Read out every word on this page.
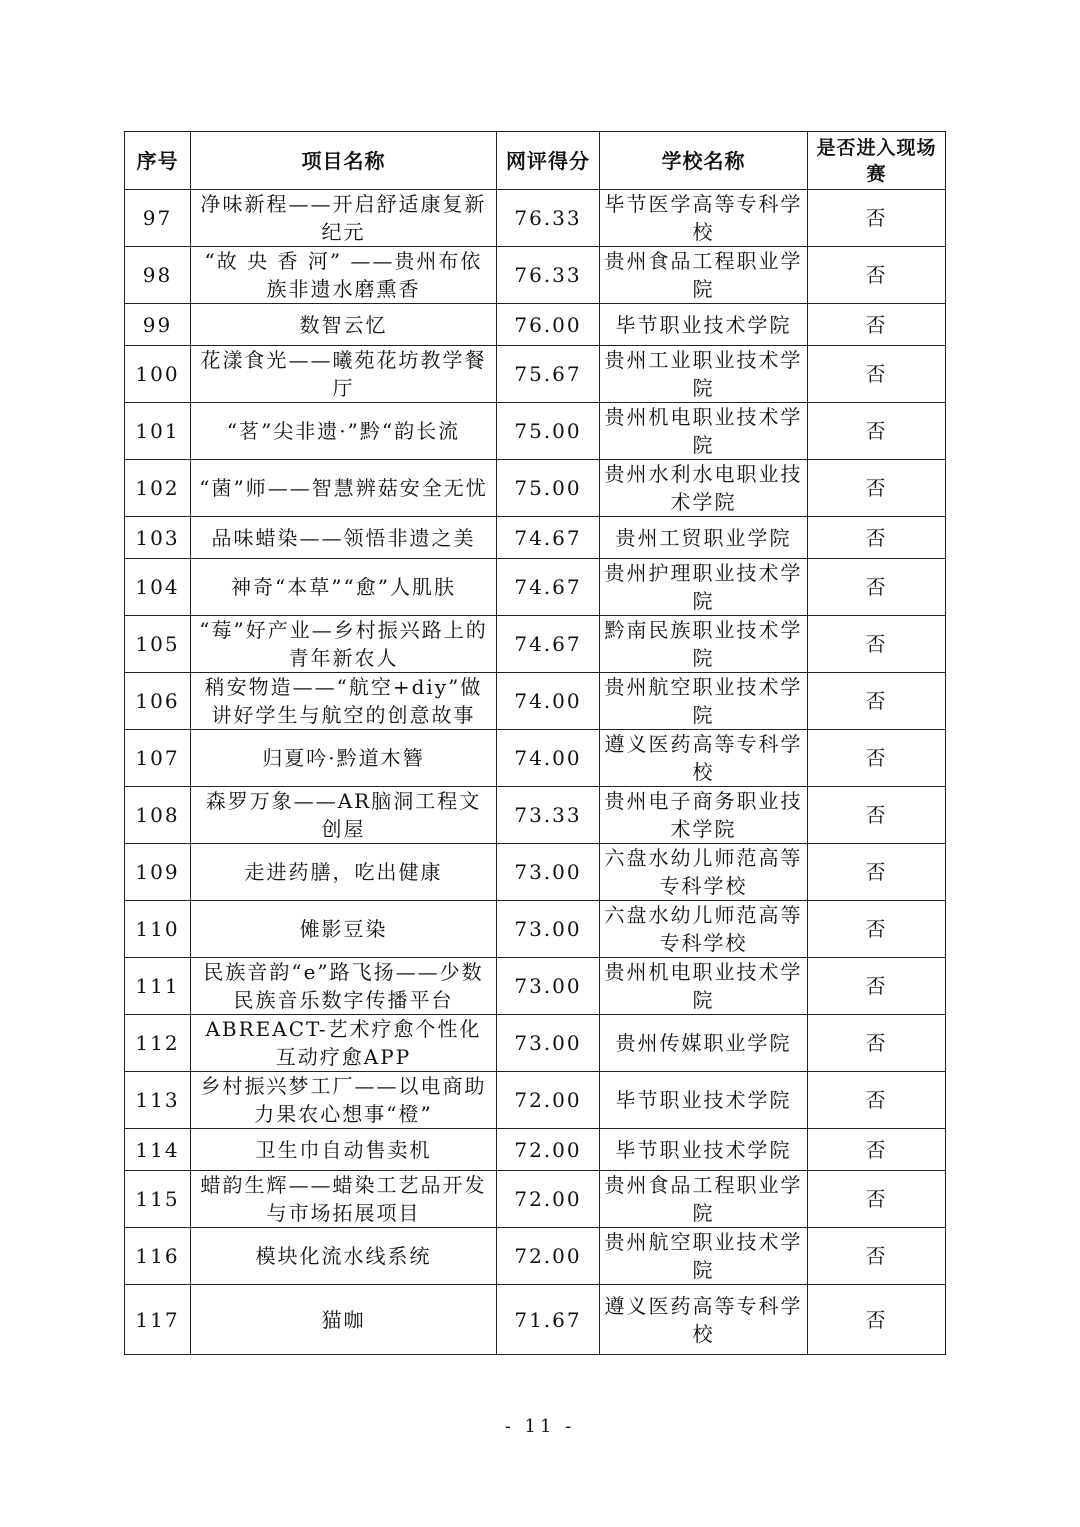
序号	项目名称	网评得分	学校名称	是否进入现场赛
97	净味新程——开启舒适康复新纪元	76.33	毕节医学高等专科学校	否
98	“故 央 香 河” ——贵州布依族非遗水磨熏香	76.33	贵州食品工程职业学院	否
99	数智云忆	76.00	毕节职业技术学院	否
100	花漾食光——曦苑花坊教学餐厅	75.67	贵州工业职业技术学院	否
101	“茗”尖非遗·”黔“韵长流	75.00	贵州机电职业技术学院	否
102	“菌”师——智慧辨菇安全无忧	75.00	贵州水利水电职业技术学院	否
103	品味蜡染——领悟非遗之美	74.67	贵州工贸职业学院	否
104	神奇“本草”“愈”人肌肤	74.67	贵州护理职业技术学院	否
105	“莓”好产业—乡村振兴路上的青年新农人	74.67	黔南民族职业技术学院	否
106	稍安物造——“航空+diy”做讲好学生与航空的创意故事	74.00	贵州航空职业技术学院	否
107	归夏吟·黔道木簪	74.00	遵义医药高等专科学校	否
108	森罗万象——AR脑洞工程文创屋	73.33	贵州电子商务职业技术学院	否
109	走进药膳，吃出健康	73.00	六盘水幼儿师范高等专科学校	否
110	傩影豆染	73.00	六盘水幼儿师范高等专科学校	否
111	民族音韵“e”路飞扬——少数民族音乐数字传播平台	73.00	贵州机电职业技术学院	否
112	ABREACT-艺术疗愈个性化互动疗愈APP	73.00	贵州传媒职业学院	否
113	乡村振兴梦工厂——以电商助力果农心想事“橙”	72.00	毕节职业技术学院	否
114	卫生巾自动售卖机	72.00	毕节职业技术学院	否
115	蜡韵生辉——蜡染工艺品开发与市场拓展项目	72.00	贵州食品工程职业学院	否
116	模块化流水线系统	72.00	贵州航空职业技术学院	否
117	猫咖	71.67	遵义医药高等专科学校	否
- 11 -
